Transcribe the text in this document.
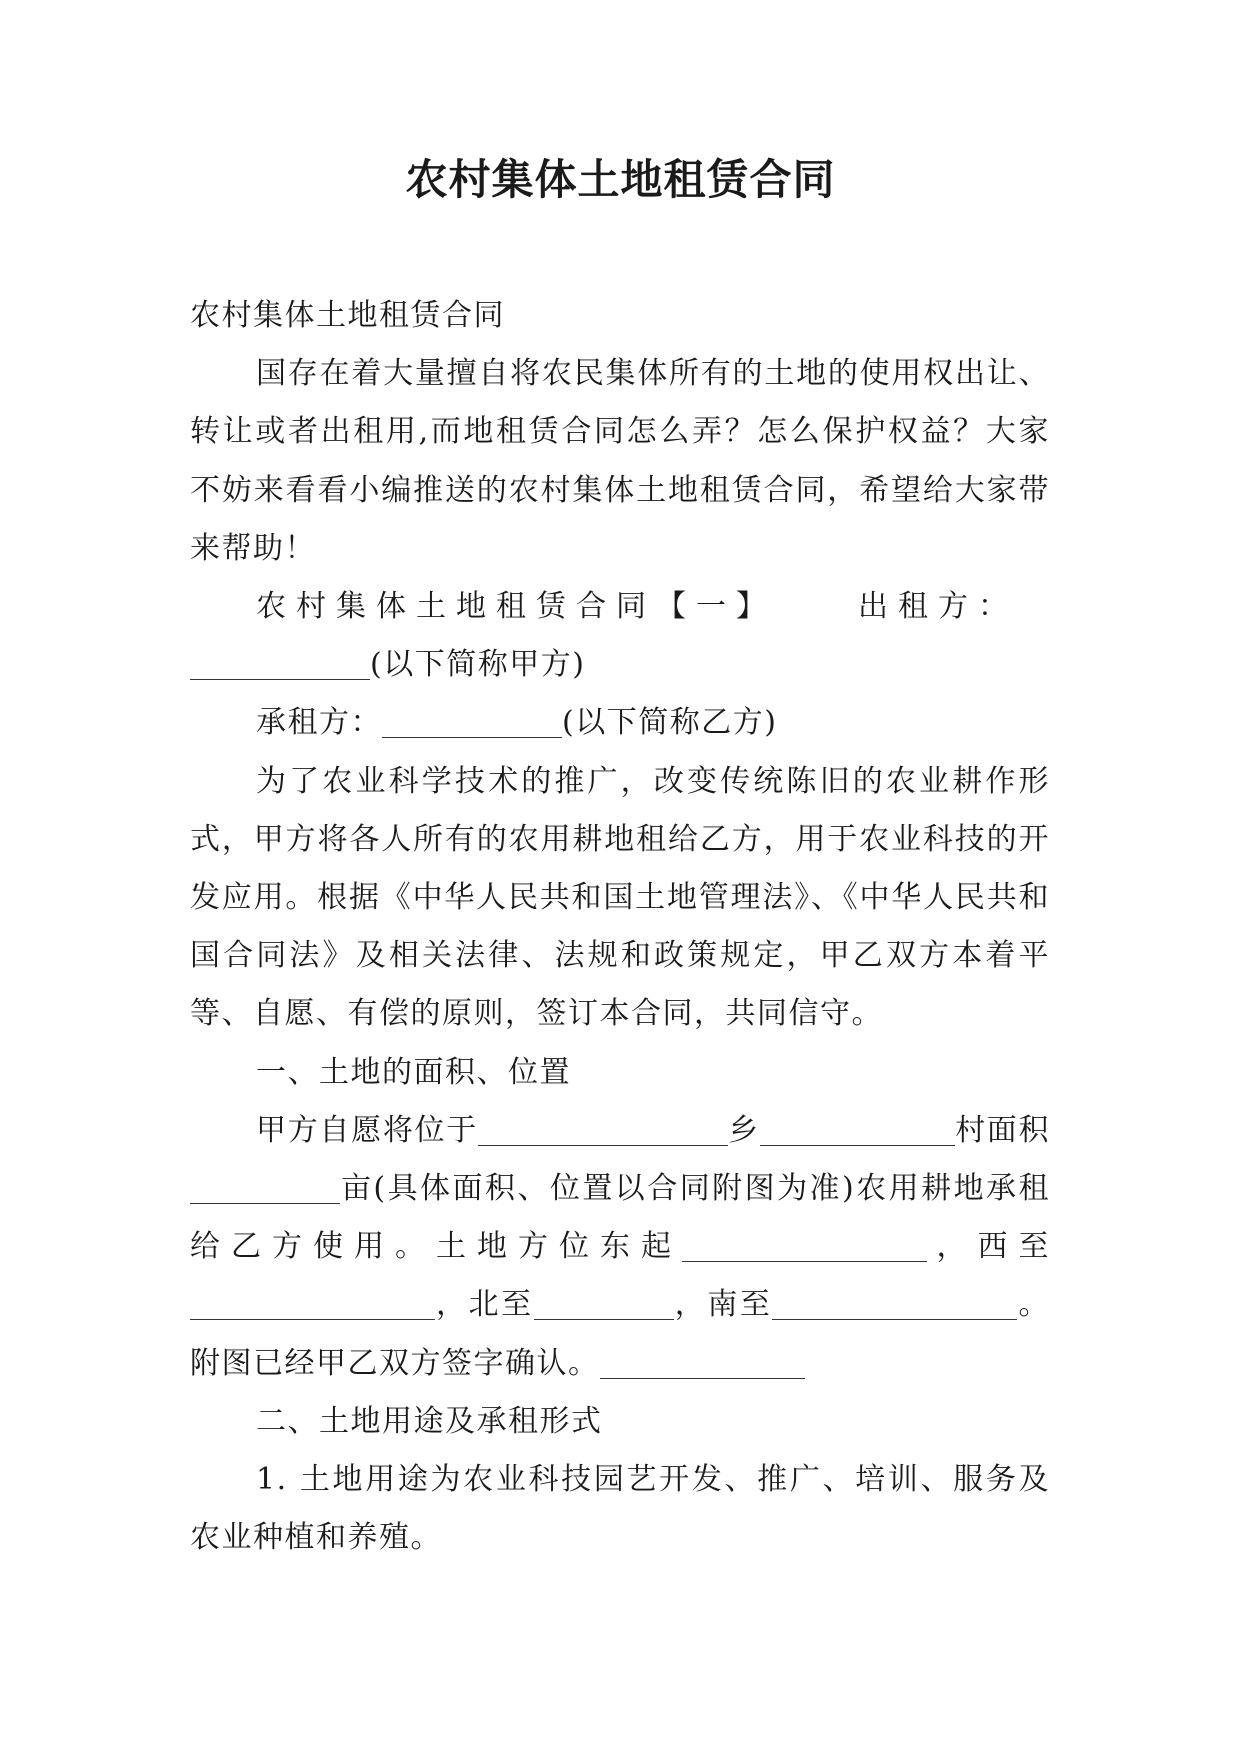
农村集体土地租赁合同

农村集体土地租赁合同

国存在着大量擅自将农民集体所有的土地的使用权出让、转让或者出租用,而地租赁合同怎么弄？怎么保护权益？大家不妨来看看小编推送的农村集体土地租赁合同，希望给大家带来帮助！

农村集体土地租赁合同【一】	出租方：

(以下简称甲方)

承租方：	(以下简称乙方)

为了农业科学技术的推广，改变传统陈旧的农业耕作形式，甲方将各人所有的农用耕地租给乙方，用于农业科技的开发应用。根据《中华人民共和国土地管理法》、《中华人民共和国合同法》及相关法律、法规和政策规定，甲乙双方本着平等、自愿、有偿的原则，签订本合同，共同信守。

一、土地的面积、位置

甲方自愿将位于	乡	村面积亩(具体面积、位置以合同附图为准)农用耕地承租给乙方使用。土地方位东起	，西至，北至	，南至	。附图已经甲乙双方签字确认。

二、土地用途及承租形式

1. 土地用途为农业科技园艺开发、推广、培训、服务及农业种植和养殖。
